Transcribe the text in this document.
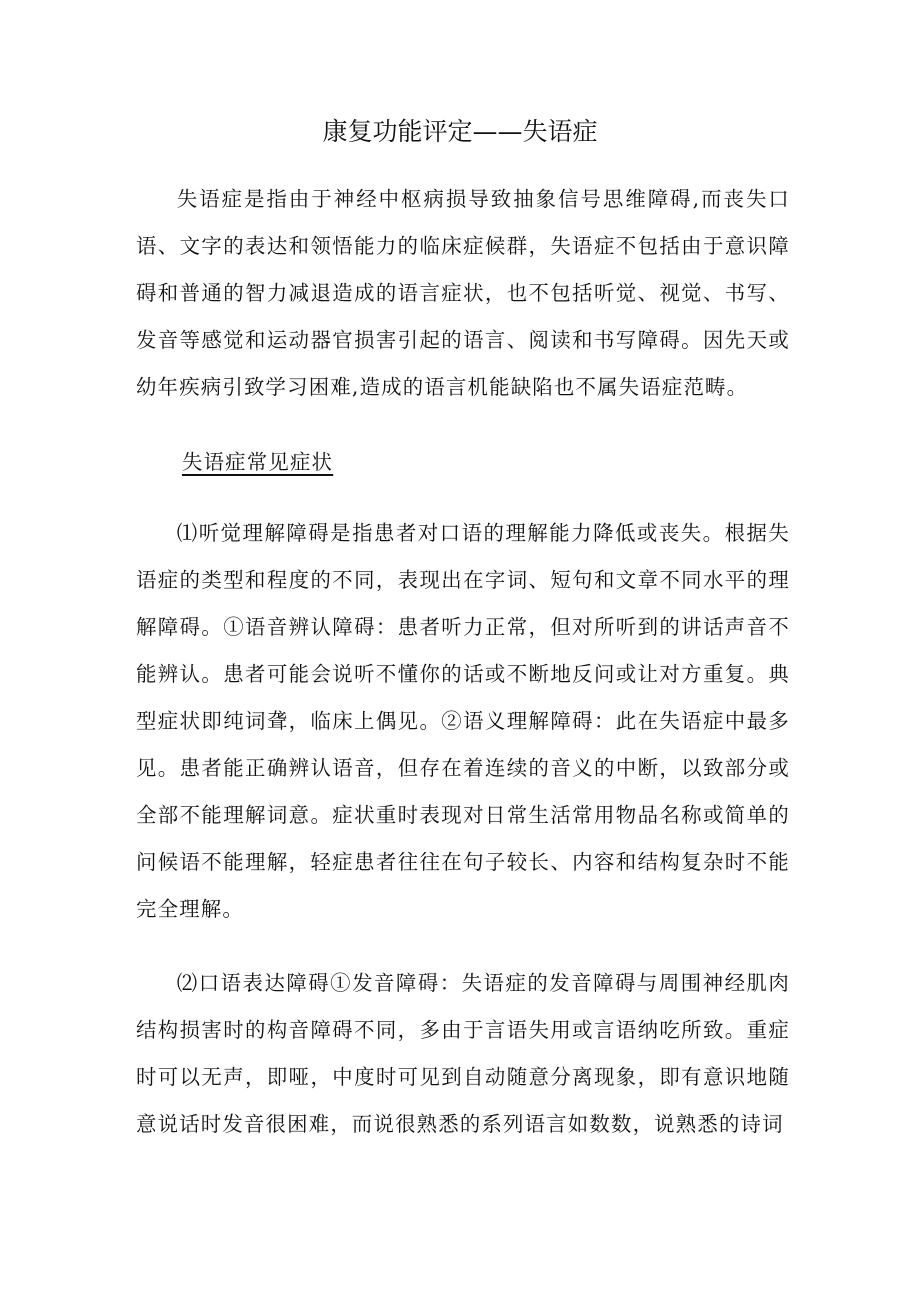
康复功能评定——失语症

失语症是指由于神经中枢病损导致抽象信号思维障碍,而丧失口语、文字的表达和领悟能力的临床症候群，失语症不包括由于意识障碍和普通的智力减退造成的语言症状，也不包括听觉、视觉、书写、发音等感觉和运动器官损害引起的语言、阅读和书写障碍。因先天或幼年疾病引致学习困难,造成的语言机能缺陷也不属失语症范畴。

失语症常见症状

⑴听觉理解障碍是指患者对口语的理解能力降低或丧失。根据失语症的类型和程度的不同，表现出在字词、短句和文章不同水平的理解障碍。①语音辨认障碍：患者听力正常，但对所听到的讲话声音不能辨认。患者可能会说听不懂你的话或不断地反问或让对方重复。典型症状即纯词聋，临床上偶见。②语义理解障碍：此在失语症中最多见。患者能正确辨认语音，但存在着连续的音义的中断，以致部分或全部不能理解词意。症状重时表现对日常生活常用物品名称或简单的问候语不能理解，轻症患者往往在句子较长、内容和结构复杂时不能完全理解。

⑵口语表达障碍①发音障碍：失语症的发音障碍与周围神经肌肉结构损害时的构音障碍不同，多由于言语失用或言语纳吃所致。重症时可以无声，即哑，中度时可见到自动随意分离现象，即有意识地随意说话时发音很困难，而说很熟悉的系列语言如数数，说熟悉的诗词
